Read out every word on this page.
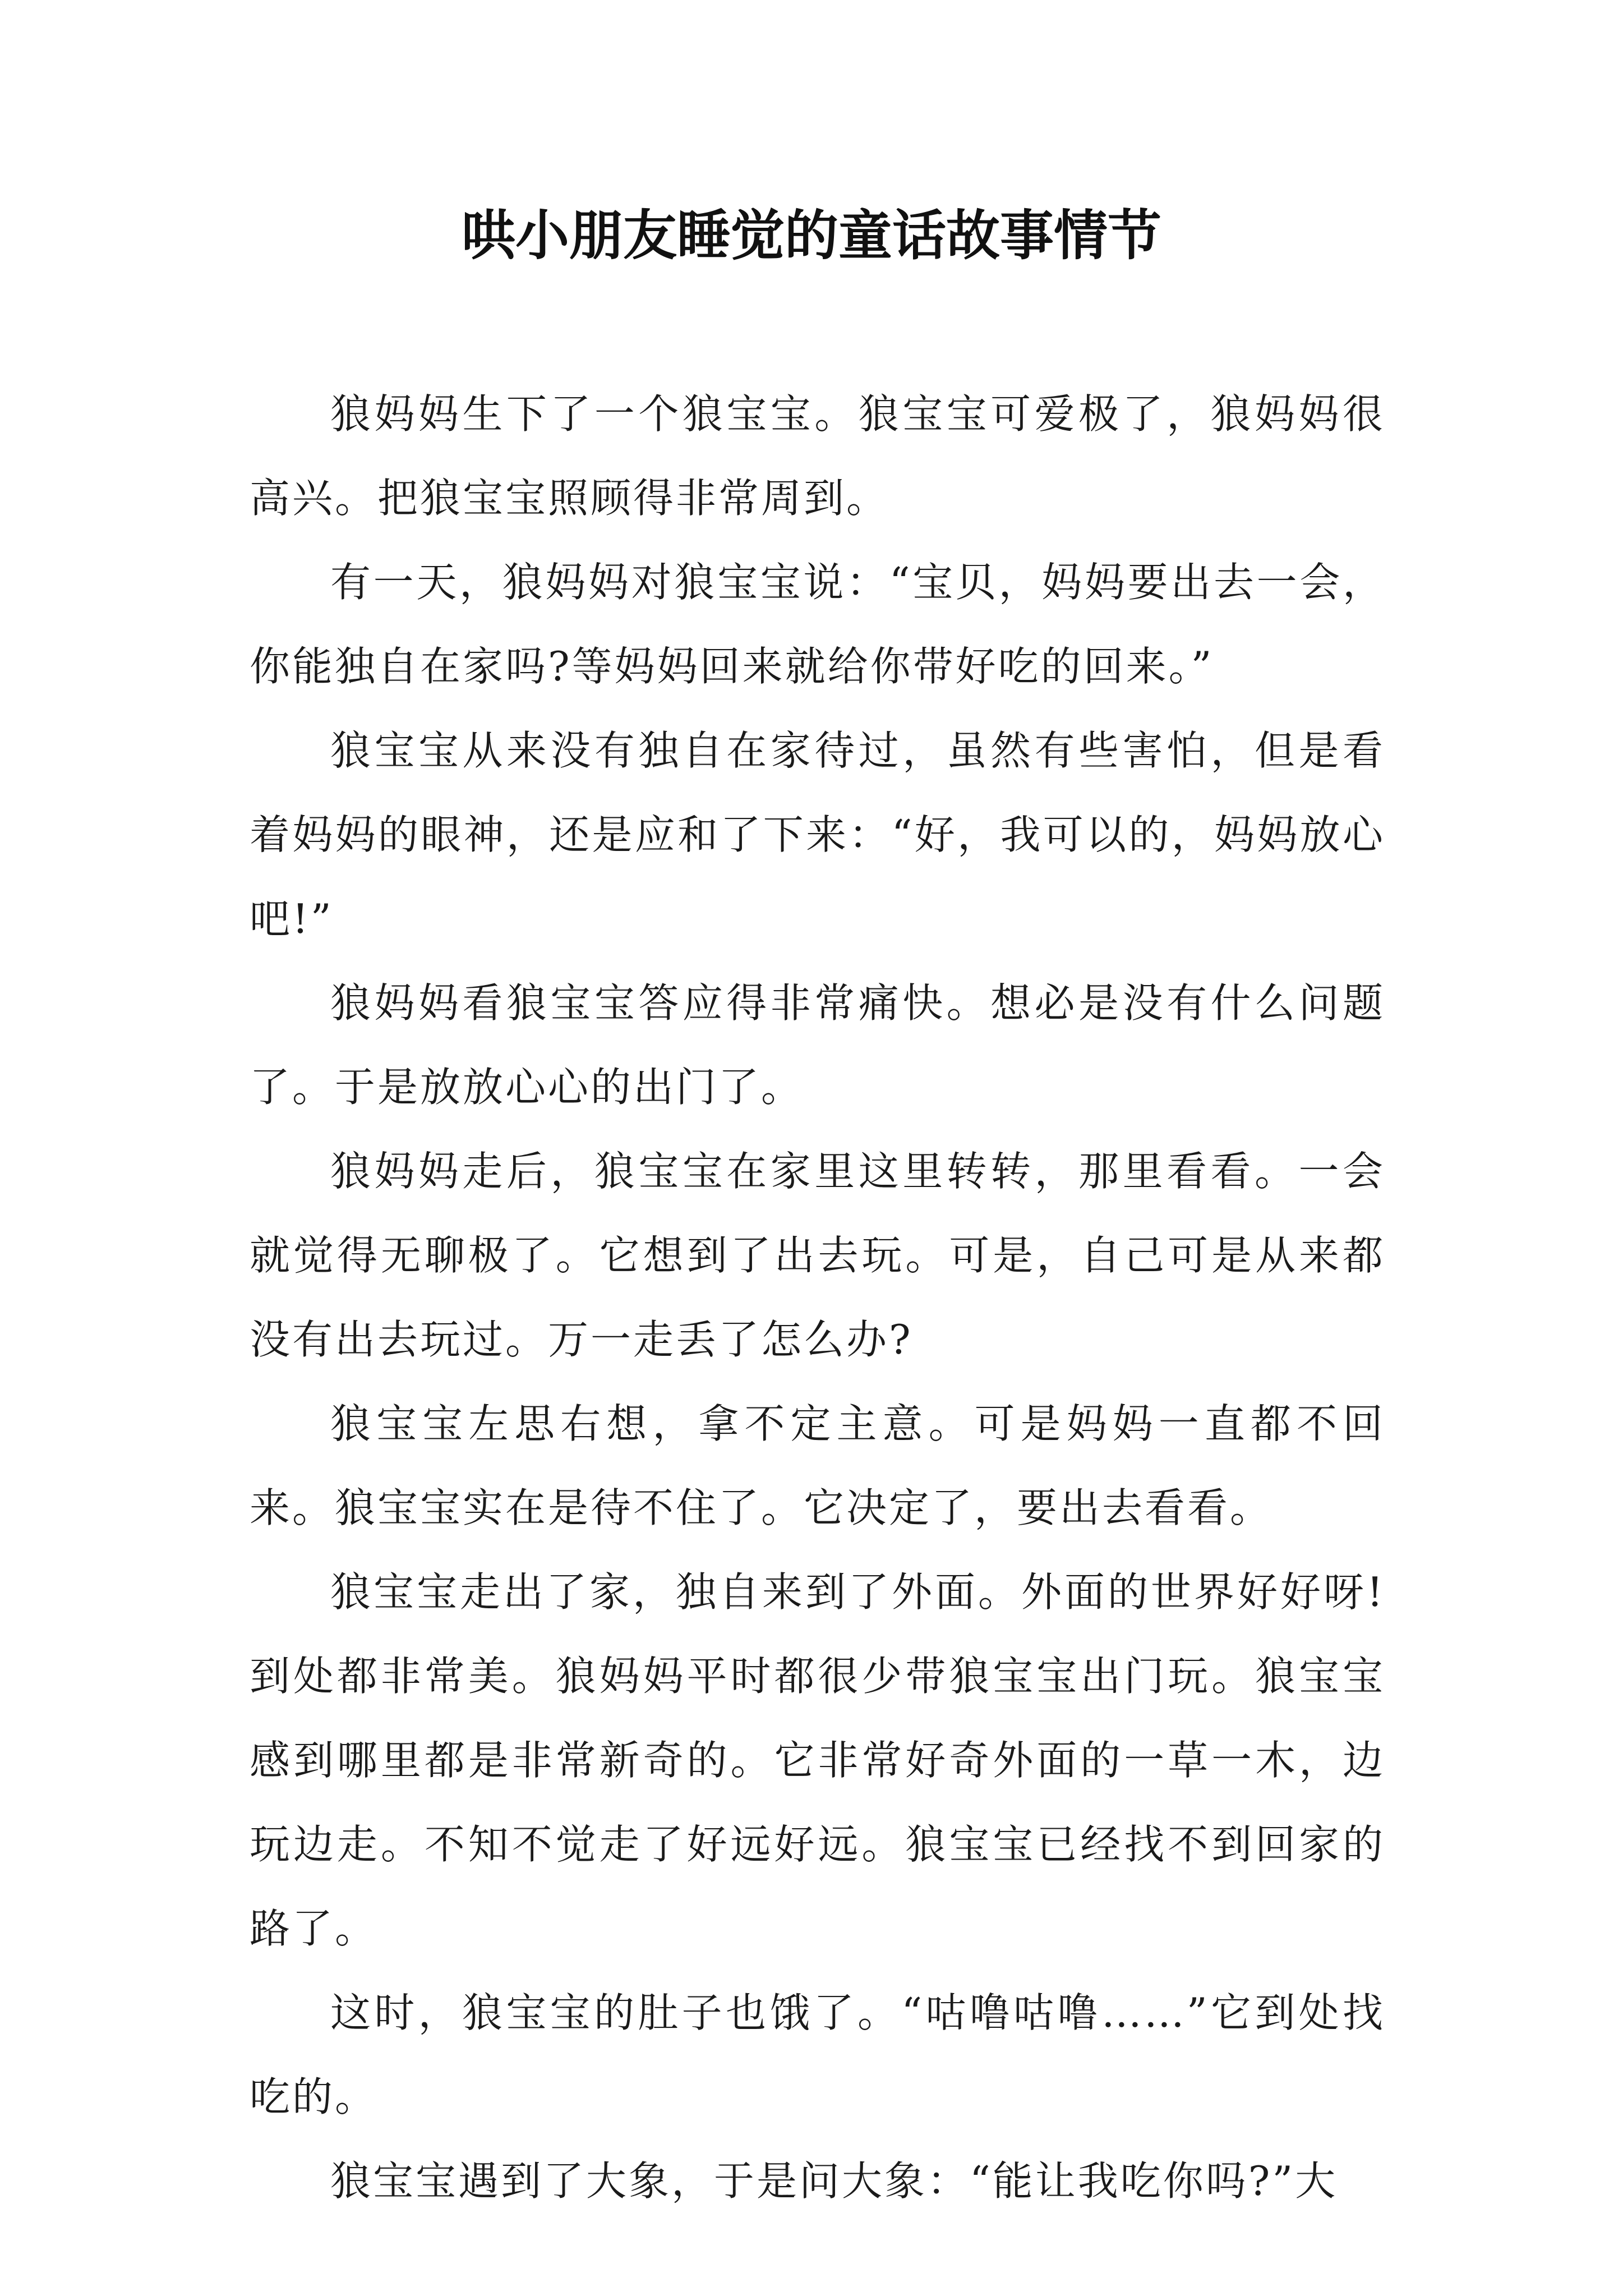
哄小朋友睡觉的童话故事情节

狼妈妈生下了一个狼宝宝。狼宝宝可爱极了，狼妈妈很高兴。把狼宝宝照顾得非常周到。

有一天，狼妈妈对狼宝宝说：“宝贝，妈妈要出去一会，你能独自在家吗?等妈妈回来就给你带好吃的回来。”

狼宝宝从来没有独自在家待过，虽然有些害怕，但是看着妈妈的眼神，还是应和了下来：“好，我可以的，妈妈放心吧!”

狼妈妈看狼宝宝答应得非常痛快。想必是没有什么问题了。于是放放心心的出门了。

狼妈妈走后，狼宝宝在家里这里转转，那里看看。一会就觉得无聊极了。它想到了出去玩。可是，自己可是从来都没有出去玩过。万一走丢了怎么办?

狼宝宝左思右想，拿不定主意。可是妈妈一直都不回来。狼宝宝实在是待不住了。它决定了，要出去看看。

狼宝宝走出了家，独自来到了外面。外面的世界好好呀!到处都非常美。狼妈妈平时都很少带狼宝宝出门玩。狼宝宝感到哪里都是非常新奇的。它非常好奇外面的一草一木，边玩边走。不知不觉走了好远好远。狼宝宝已经找不到回家的路了。

这时，狼宝宝的肚子也饿了。“咕噜咕噜……”它到处找吃的。

狼宝宝遇到了大象，于是问大象：“能让我吃你吗?”大
